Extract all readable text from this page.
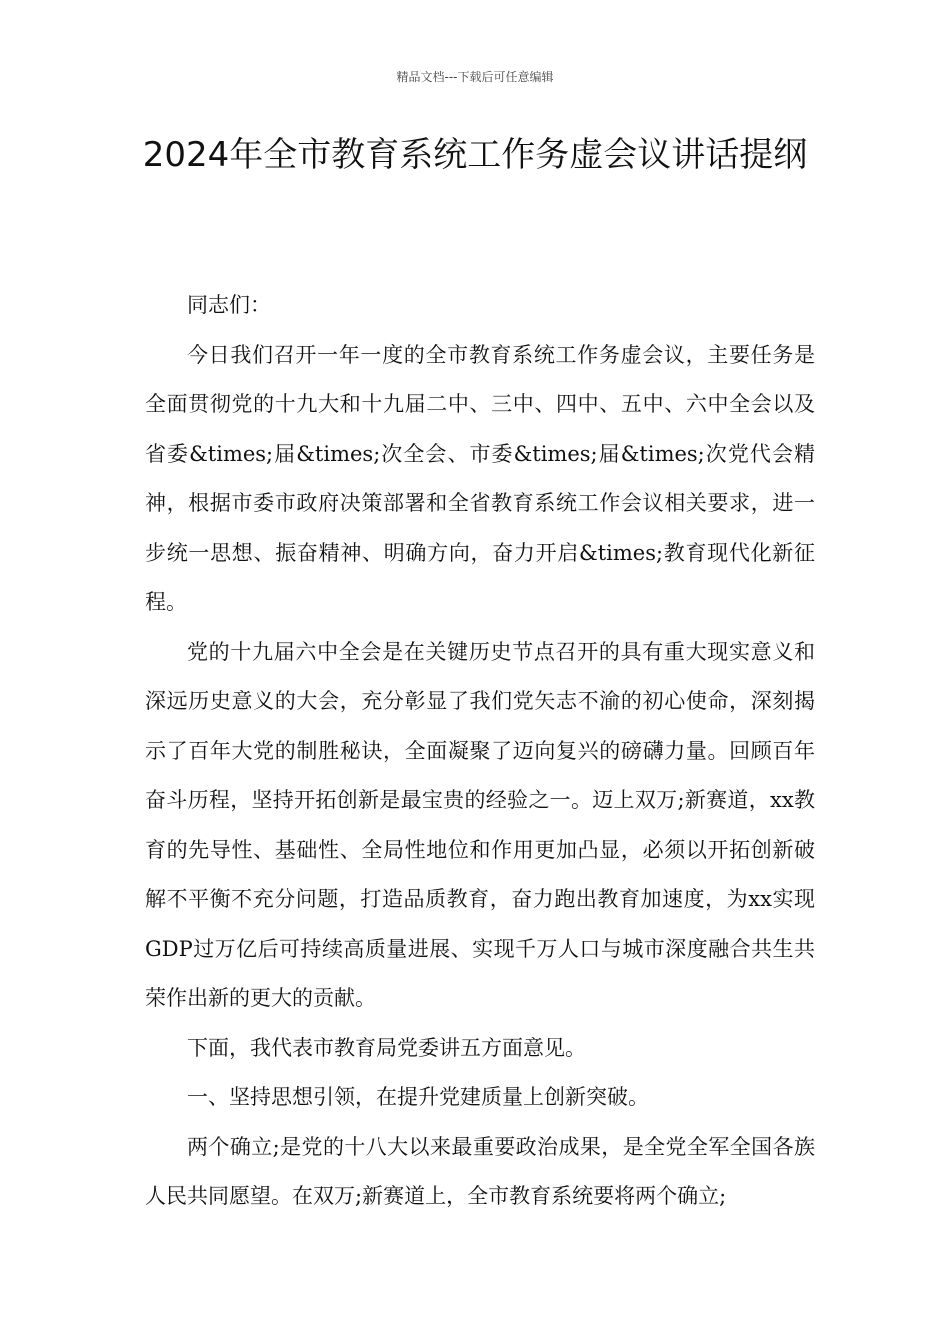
精品文档---下载后可任意编辑
2024年全市教育系统工作务虚会议讲话提纲

同志们：

今日我们召开一年一度的全市教育系统工作务虚会议，主要任务是全面贯彻党的十九大和十九届二中、三中、四中、五中、六中全会以及省委&times;届&times;次全会、市委&times;届&times;次党代会精神，根据市委市政府决策部署和全省教育系统工作会议相关要求，进一步统一思想、振奋精神、明确方向，奋力开启&times;教育现代化新征程。

党的十九届六中全会是在关键历史节点召开的具有重大现实意义和深远历史意义的大会，充分彰显了我们党矢志不渝的初心使命，深刻揭示了百年大党的制胜秘诀，全面凝聚了迈向复兴的磅礴力量。回顾百年奋斗历程，坚持开拓创新是最宝贵的经验之一。迈上双万;新赛道，xx教育的先导性、基础性、全局性地位和作用更加凸显，必须以开拓创新破解不平衡不充分问题，打造品质教育，奋力跑出教育加速度，为xx实现GDP过万亿后可持续高质量进展、实现千万人口与城市深度融合共生共荣作出新的更大的贡献。

下面，我代表市教育局党委讲五方面意见。

一、坚持思想引领，在提升党建质量上创新突破。

两个确立;是党的十八大以来最重要政治成果，是全党全军全国各族人民共同愿望。在双万;新赛道上，全市教育系统要将两个确立;
